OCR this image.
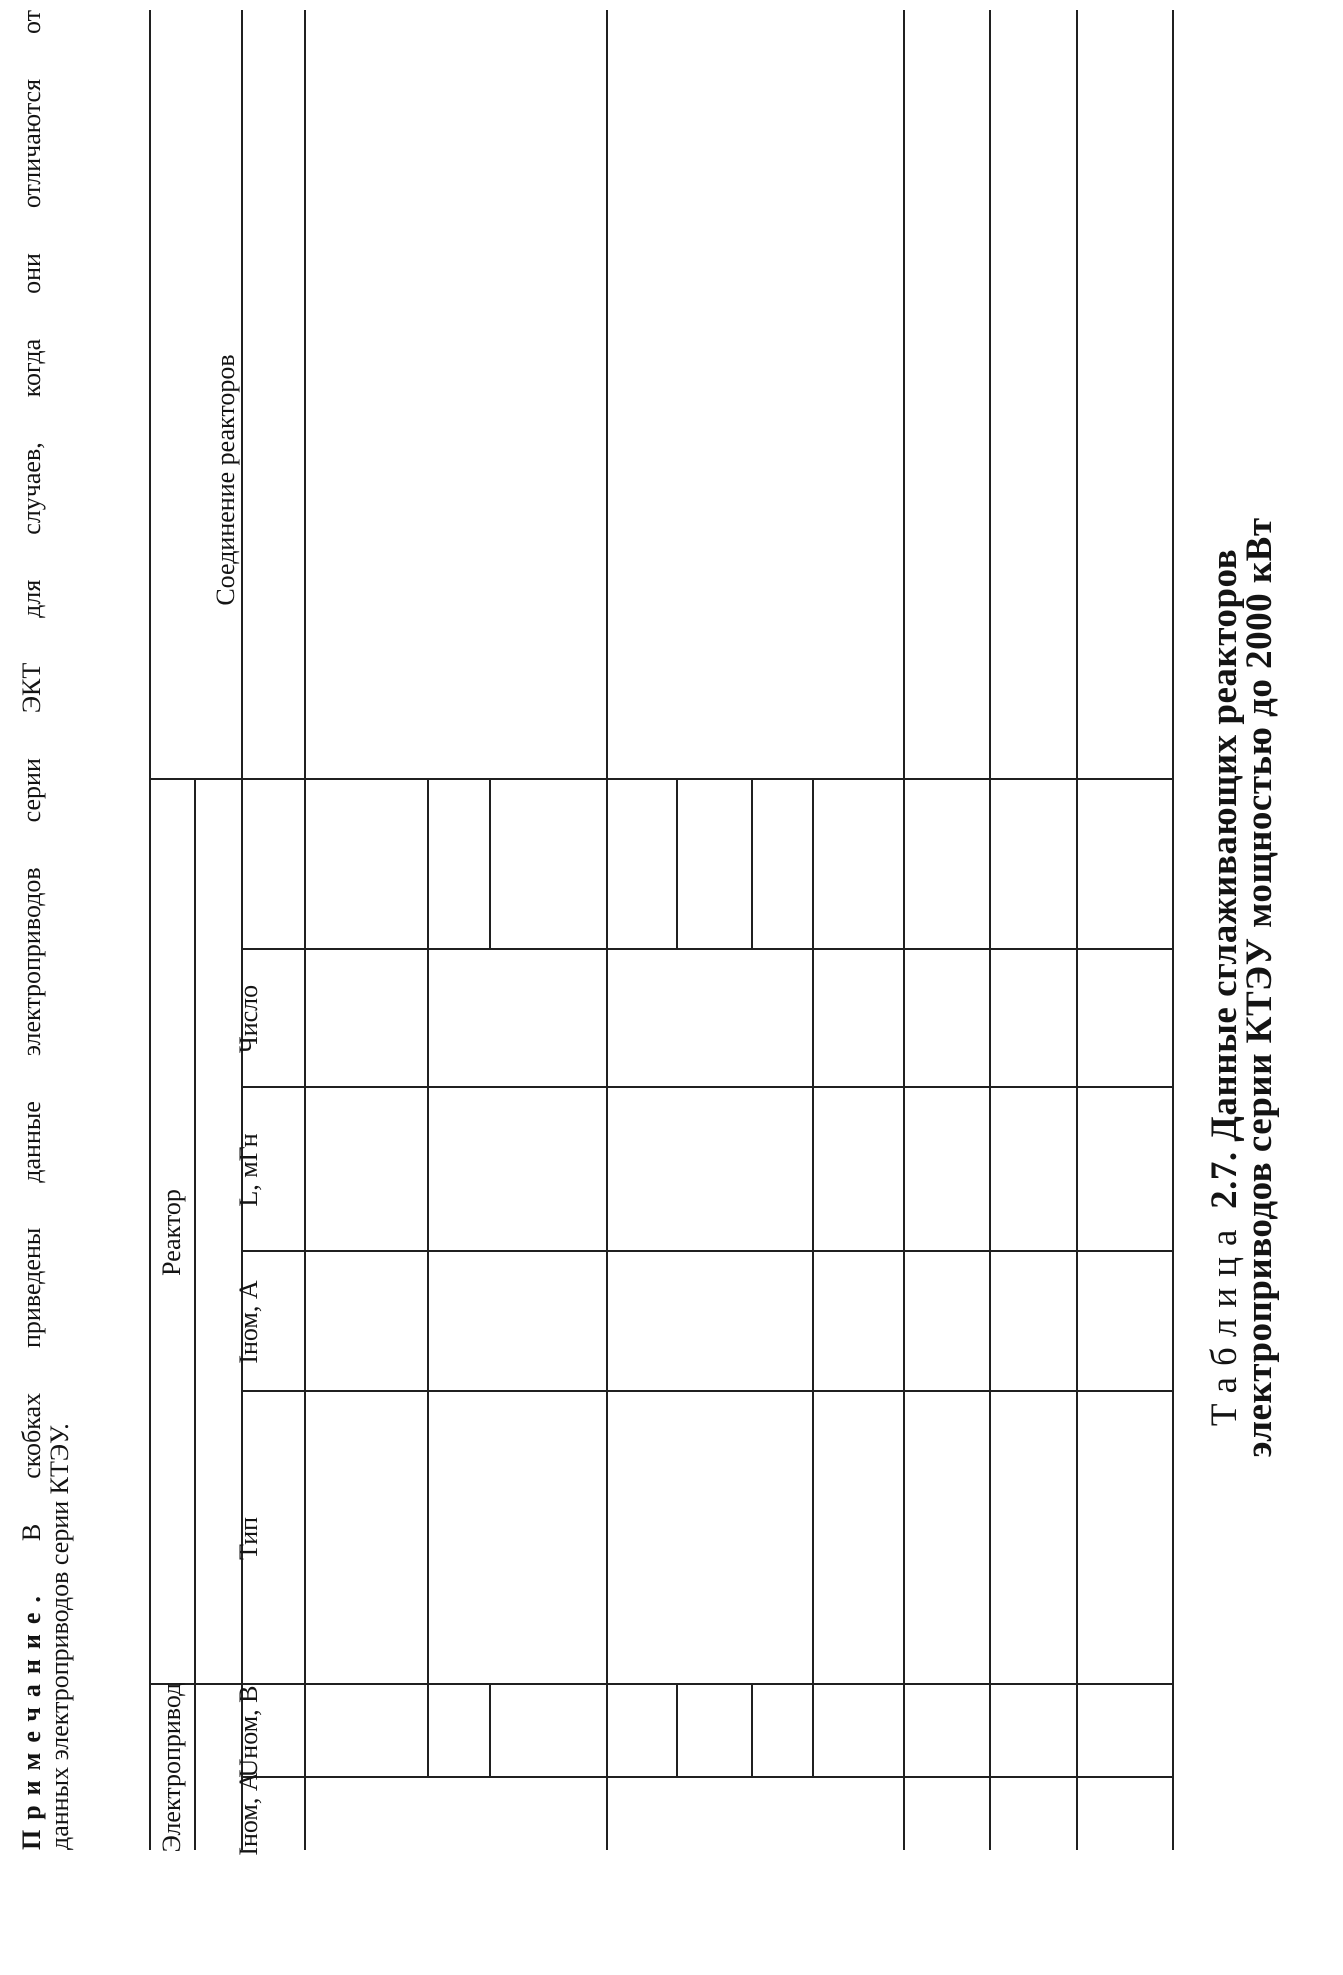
Таблица 2.7. Данные сглаживающих реакторов
электроприводов серии КТЭУ мощностью до 2000 кВт
Электропривод
Реактор
Iном, А
Uном, В
Тип
Iном, А
L, мГн
Число
Соединение реакторов
Примечание. В скобках приведены данные электроприводов серии ЭКТ для случаев, когда они отличаются от
данных электроприводов серии КТЭУ.
